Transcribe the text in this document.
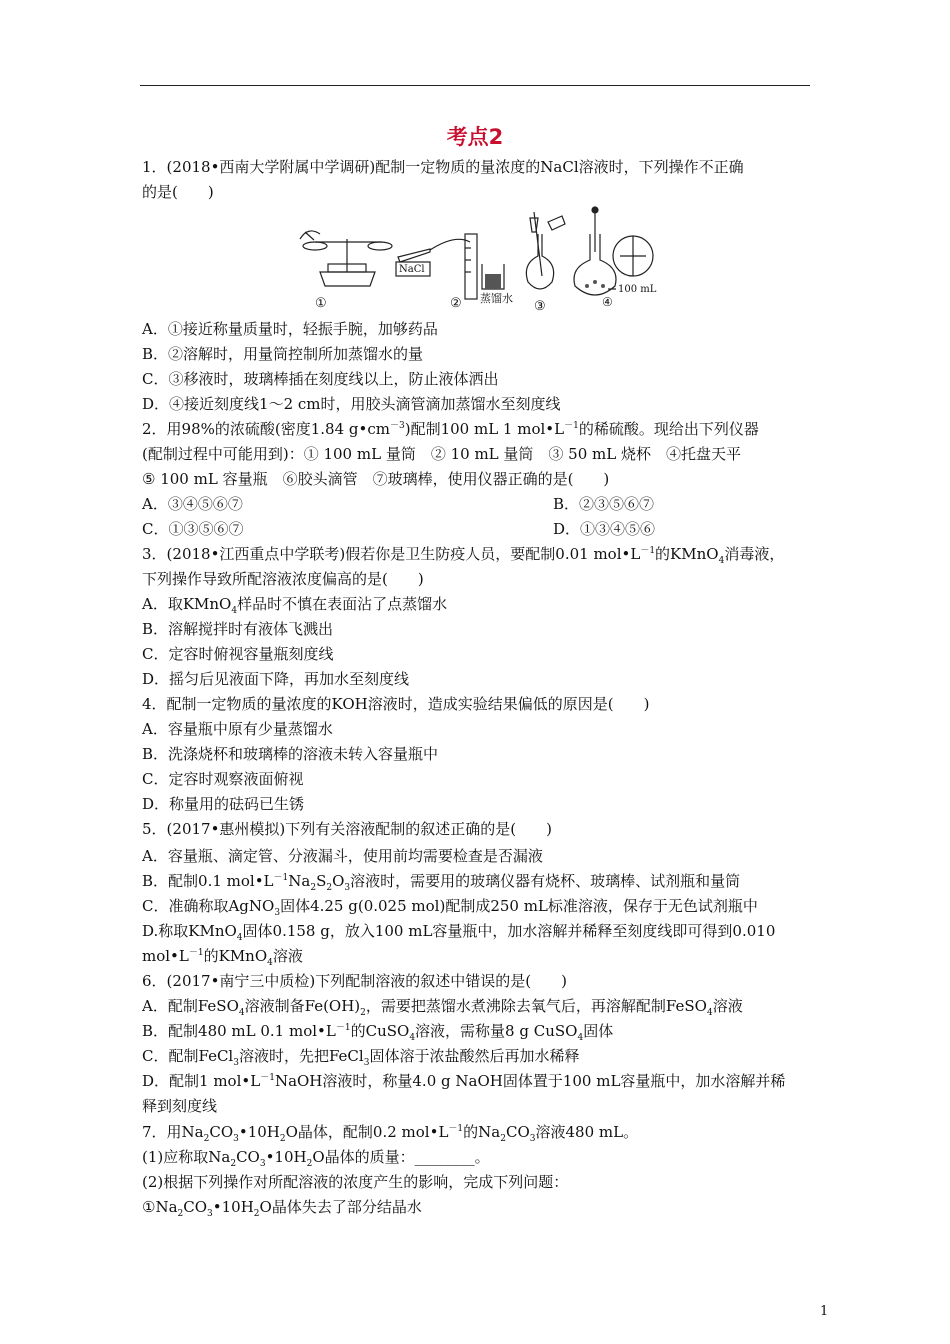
考点2
1．(2018•西南大学附属中学调研)配制一定物质的量浓度的NaCl溶液时，下列操作不正确
的是(　　)
①
NaCl
② 蒸馏水
③	④
100 mL
A．①接近称量质量时，轻振手腕，加够药品
B．②溶解时，用量筒控制所加蒸馏水的量
C．③移液时，玻璃棒插在刻度线以上，防止液体洒出
D．④接近刻度线1～2 cm时，用胶头滴管滴加蒸馏水至刻度线
2．用98%的浓硫酸(密度1.84 $g•cm^{-3}$)配制100 mL 1 $mol•L^{-1}$的稀硫酸。现给出下列仪器
(配制过程中可能用到)：① 100 mL 量筒　② 10 mL 量筒　③ 50 mL 烧杯　④托盘天平
⑤ 100 mL 容量瓶　⑥胶头滴管　⑦玻璃棒，使用仪器正确的是(　　)
A．③④⑤⑥⑦	B．②③⑤⑥⑦
C．①③⑤⑥⑦	D．①③④⑤⑥
3．(2018•江西重点中学联考)假若你是卫生防疫人员，要配制0.01 $mol•L^{-1}$的KMnO$_4$消毒液，
下列操作导致所配溶液浓度偏高的是(　　)
A．取KMnO$_4$样品时不慎在表面沾了点蒸馏水
B．溶解搅拌时有液体飞溅出
C．定容时俯视容量瓶刻度线
D．摇匀后见液面下降，再加水至刻度线
4．配制一定物质的量浓度的KOH溶液时，造成实验结果偏低的原因是(　　)
A．容量瓶中原有少量蒸馏水
B．洗涤烧杯和玻璃棒的溶液未转入容量瓶中
C．定容时观察液面俯视
D．称量用的砝码已生锈
5．(2017•惠州模拟)下列有关溶液配制的叙述正确的是(　　)
A．容量瓶、滴定管、分液漏斗，使用前均需要检查是否漏液
B．配制0.1 $mol•L^{-1}Na_2S_2O_3$溶液时，需要用的玻璃仪器有烧杯、玻璃棒、试剂瓶和量筒
C．准确称取AgNO$_3$固体4.25 g(0.025 mol)配制成250 mL标准溶液，保存于无色试剂瓶中
D.称取KMnO$_4$固体0.158 g，放入100 mL容量瓶中，加水溶解并稀释至刻度线即可得到0.010
$mol•L^{-1}$的KMnO$_4$溶液
6．(2017•南宁三中质检)下列配制溶液的叙述中错误的是(　　)
A．配制FeSO$_4$溶液制备$Fe(OH)_2$，需要把蒸馏水煮沸除去氧气后，再溶解配制FeSO$_4$溶液
B．配制480 mL 0.1 $mol•L^{-1}$的CuSO$_4$溶液，需称量8 g CuSO$_4$固体
C．配制FeCl$_3$溶液时，先把FeCl$_3$固体溶于浓盐酸然后再加水稀释
D．配制1 $mol•L^{-1}NaOH$溶液时，称量4.0 g NaOH固体置于100 mL容量瓶中，加水溶解并稀
释到刻度线
7．用$Na_2CO_3•10H_2O$晶体，配制0.2 $mol•L^{-1}$的$Na_2CO_3$溶液480 mL。
(1)应称取$Na_2CO_3•10H_2O$晶体的质量：________。
(2)根据下列操作对所配溶液的浓度产生的影响，完成下列问题：
$①Na_2CO_3•10H_2O$晶体失去了部分结晶水
1
